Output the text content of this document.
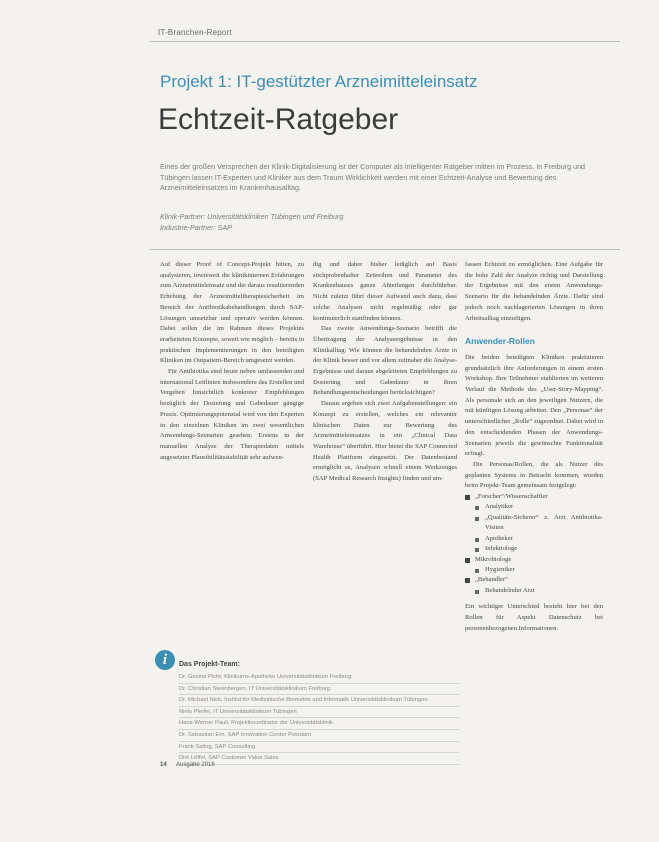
IT-Branchen-Report
Projekt 1: IT-gestützter Arzneimitteleinsatz
Echtzeit-Ratgeber
Eines der großen Versprechen der Klinik-Digitalisierung ist der Computer als intelligenter Ratgeber mitten im Prozess. In Freiburg und Tübingen lassen IT-Experten und Kliniker aus dem Traum Wirklichkeit werden mit einer Echtzeit-Analyse und Bewertung des Arzneimitteleinsatzes im Krankenhausalltag.
Klinik-Partner: Universitätskliniken Tübingen und Freiburg
Industrie-Partner: SAP

Auf dieser Proof of Concept-Projekt bitten, zu analysieren, inwieweit die klinikinternen Erfahrungen zum Arzneimitteleinsatz und die daraus resultierenden Erhebung der Arzneimitteltherapiesicherheit im Bereich der Antibiotikabehandlungen durch SAP-Lösungen umsetzbar und operativ werden können. Dabei sollen die im Rahmen dieses Projektes erarbeiteten Konzepte, soweit wie möglich – bereits in praktischen Implementierungen in den beteiligten Kliniken im Outpatient-Bereich umgesetzt werden.

Für Antibiotika sind heute neben umfassenden und international Leitlinien insbesondere das Erstellen und Vergeben hinsichtlich konkreter Empfehlungen bezüglich der Dosierung und Gabedauer gängige Praxis. Optimierungspotenzial wird von den Experten in den einzelnen Kliniken im zwei wesentlichen Anwendungs-Szenarien gesehen: Erstens in der manuellen Analyse der Therapiedaten mittels angesetzter Plausibilitätsstabilität sehr aufwen-

dig und daher bisher lediglich auf Basis stichprobenhafter Zeitreihen und Parameter des Krankenhauses ganze Abteilungen durchführbar. Nicht zuletzt führt dieser Aufwand auch dazu, dass solche Analysen nicht regelmäßig oder gar kontinuierlich stattfinden können.

Das zweite Anwendungs-Szenario betrifft die Übertragung der Analyseergebnisse in den Klinikalltag: Wie können die behandelnden Ärzte in der Klinik besser und vor allem zeitnaher die Analyse-Ergebnisse und daraus abgeleiteten Empfehlungen zu Dosierung und Gabedauer in ihren Behandlungsentscheidungen berücksichtigen?

Daraus ergeben sich zwei Aufgabenstellungen: ein Konzept zu erstellen, welches ein relevanter klinischen Daten zur Bewertung des Arzneimitteleinsatzes in ein „Clinical Data Warehouse“ überführt. Hier bietet die SAP Connected Health Plattform eingesetzt. Der Datenbestand ermöglicht es, Analysen schnell einem Werkzeuges (SAP Medical Research Insights) finden und um-

fassen Echtzeit zu ermöglichen. Eine Aufgabe für die hohe Zahl der Analyse richtig und Darstellung der Ergebnisse mit den ersten Anwendungs-Szenario für die behandelnden Ärzte. Dafür sind jedoch noch nachlagerierten Lösungen in ihren Arbeitsalltag einzufügen.

Anwender-Rollen

Die beiden beteiligten Kliniken praktizieren grundsätzlich ihre Anforderungen in einem ersten Workshop. Ihre Teilnehmer etablierten im weiteren Verlauf die Methode des „User-Story-Mapping“. Als personale sich an den jeweiligen Nutzern, die mit künftigen Lösung arbeiten. Den „Personas“ der unterschiedlicher „Rolle“ zugeordnet. Dabei wird in den entscheidenden Phasen der Anwendungs-Szenarien jeweils die gewünschte Funktionalität erfragt.

Die Personas/Rollen, die als Nutzer des geplanten Systems in Betracht kommen, wurden beim Projekt-Team gemeinsam festgelegt:

„Forscher“/Wissenschaftler
Analytiker
„Qualitäts-Sicherer“ z. Arzt Antibiotika-Visiten
Apotheker
Infektiologe
Mikrobiologe
Hygieniker
„Behandler“
Behandelnder Arzt

Ein wichtiger Unterschied besteht hier bei den Rollen für Aspekt Datenschutz bei personenbezogenen Informationen.

i	Das Projekt-Team:
Dr. Gesine Picht, Klinikums-Apotheke Universitätsklinikum Freiburg
Dr. Christian Steenbergen, IT Universitätsklinikum Freiburg
Dr. Michael Nick, Institut für Medizinische Biometrie und Informatik Universitätsklinikum Tübingen
Niels Pfeifer, IT Universitätsklinikum Tübingen
Hans-Werner Pauli, Projektkoordinator der Universitätsklinik
Dr. Sebastian Ern, SAP Innovation Center Potsdam
Frank Saling, SAP Consulting
Dirk Löffel, SAP Customer Value Sales
14 Ausgabe 2016
